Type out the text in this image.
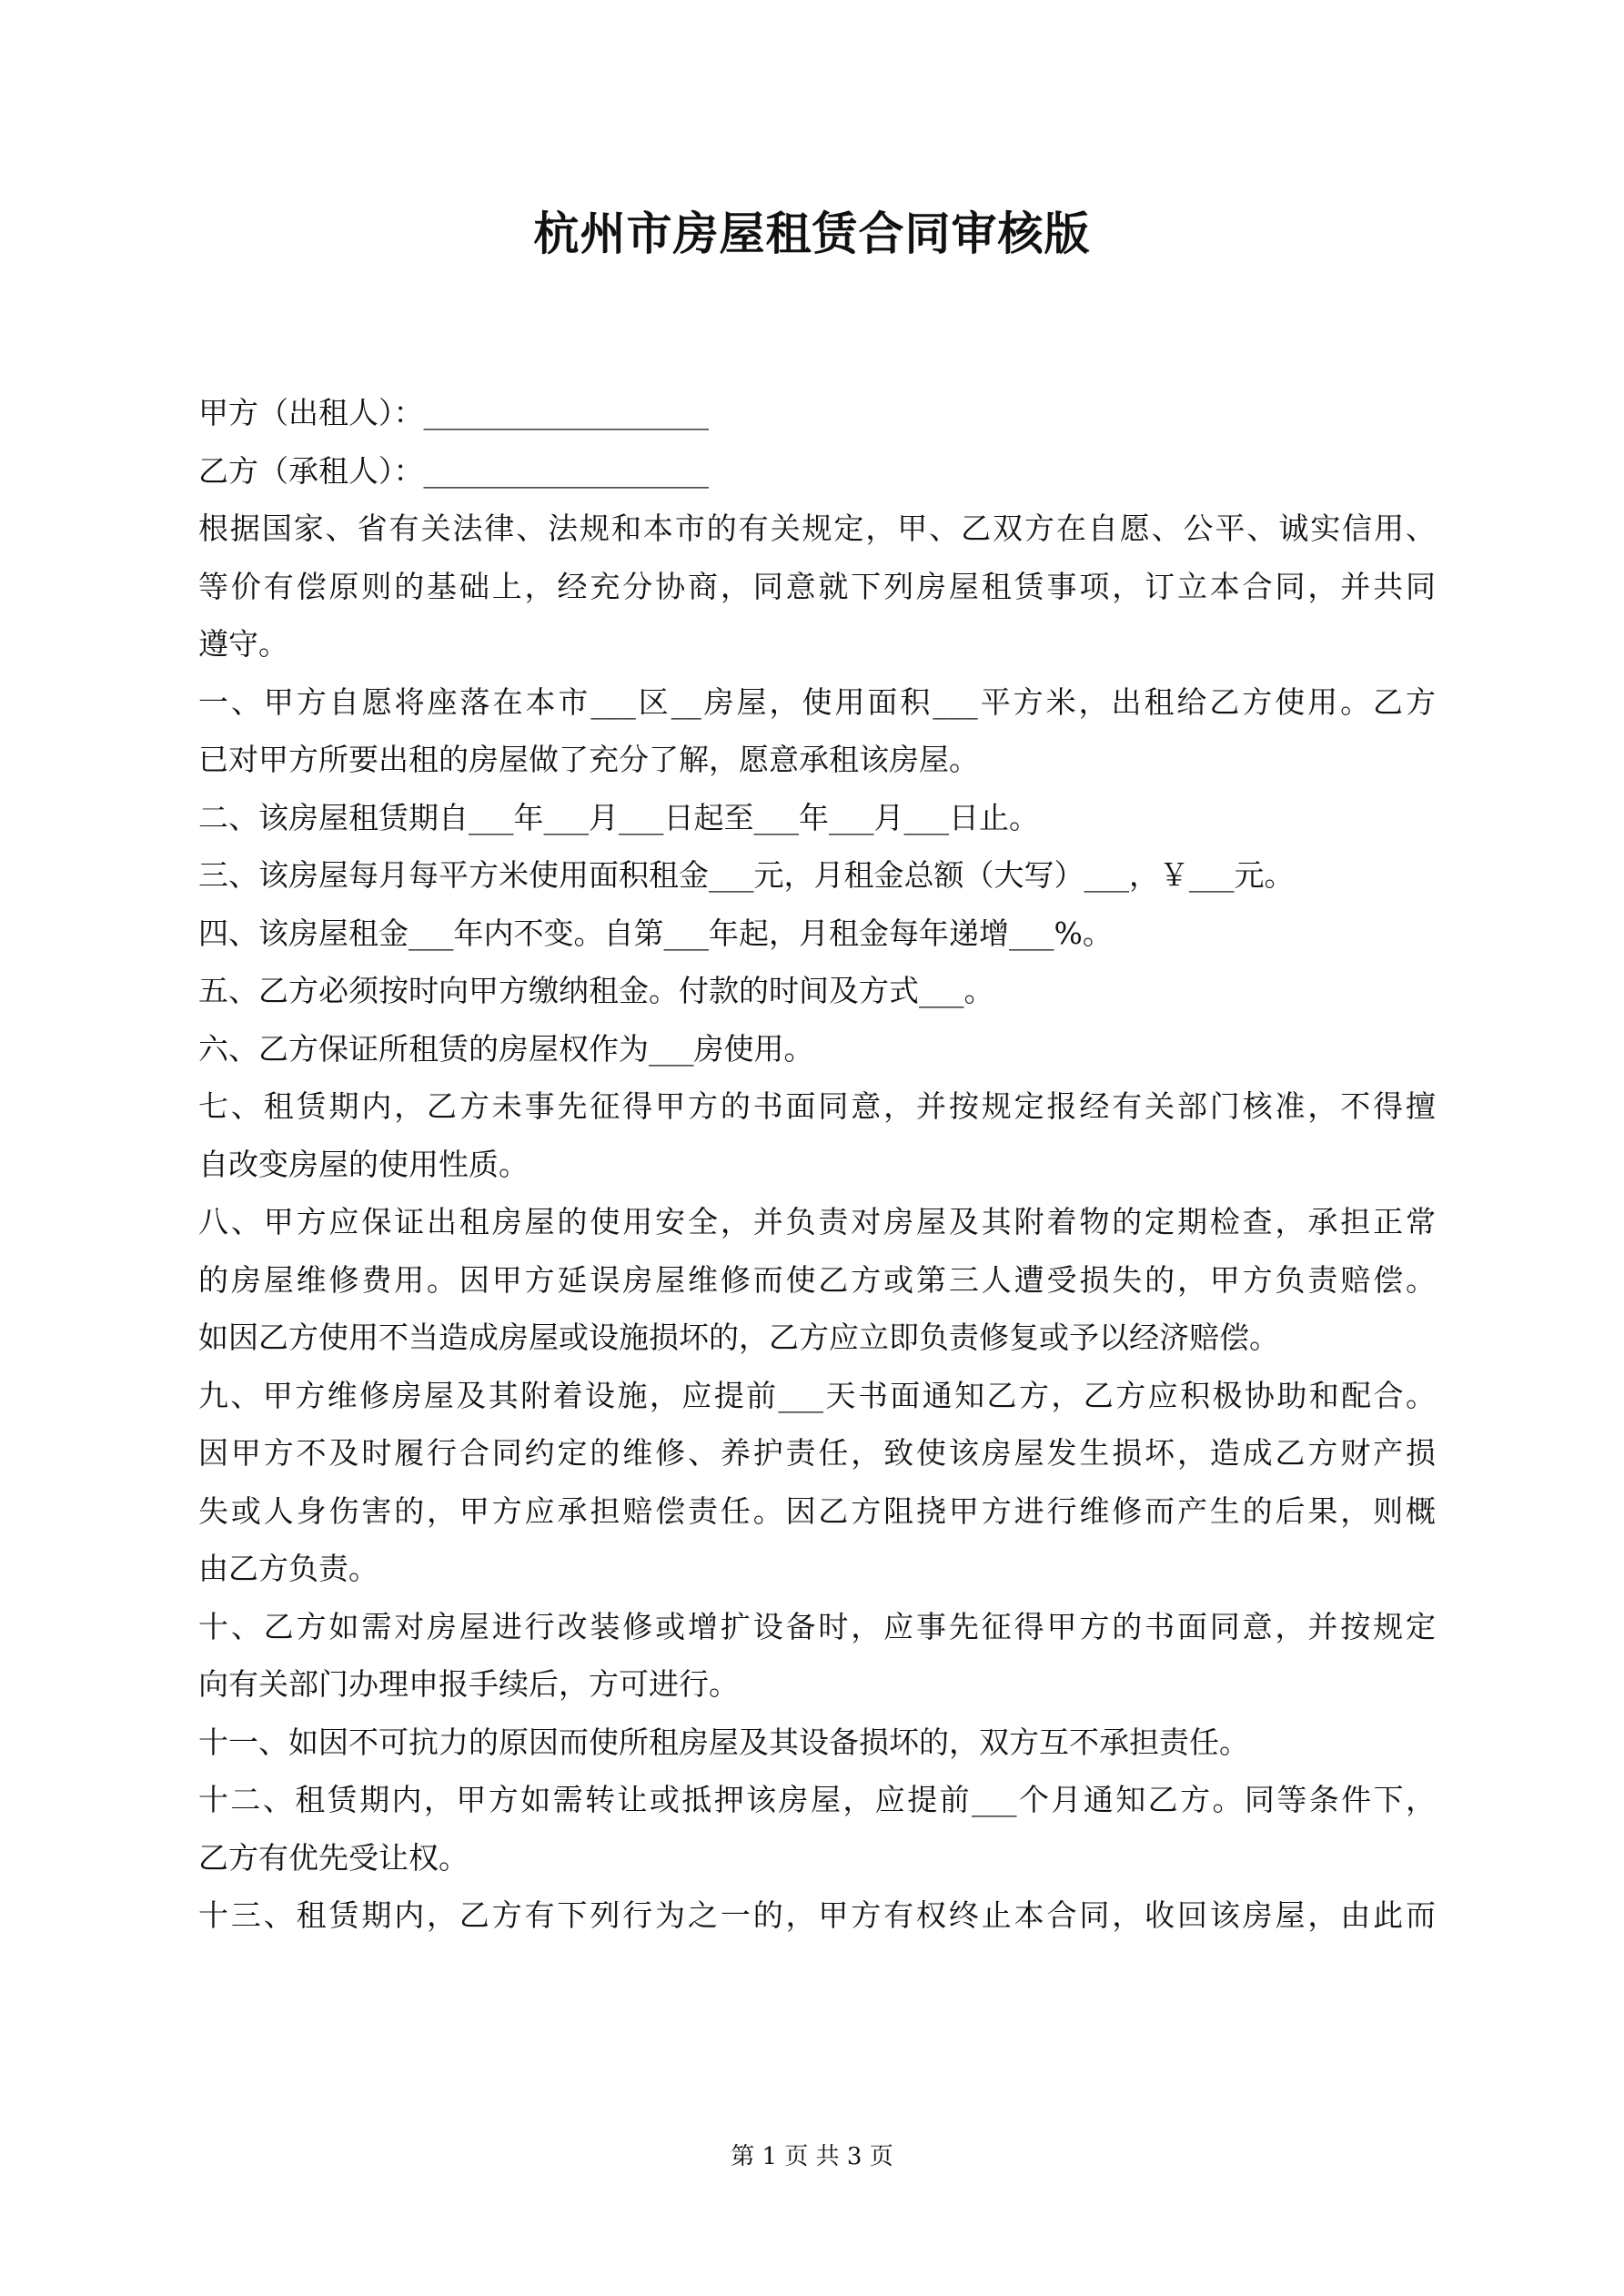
杭州市房屋租赁合同审核版
甲方（出租人）：___________________
乙方（承租人）：___________________
根据国家、省有关法律、法规和本市的有关规定，甲、乙双方在自愿、公平、诚实信用、
等价有偿原则的基础上，经充分协商，同意就下列房屋租赁事项，订立本合同，并共同
遵守。
一、甲方自愿将座落在本市___区__房屋，使用面积___平方米，出租给乙方使用。乙方
已对甲方所要出租的房屋做了充分了解，愿意承租该房屋。
二、该房屋租赁期自___年___月___日起至___年___月___日止。
三、该房屋每月每平方米使用面积租金___元，月租金总额（大写）___，￥___元。
四、该房屋租金___年内不变。自第___年起，月租金每年递增___%。
五、乙方必须按时向甲方缴纳租金。付款的时间及方式___。
六、乙方保证所租赁的房屋权作为___房使用。
七、租赁期内，乙方未事先征得甲方的书面同意，并按规定报经有关部门核准，不得擅
自改变房屋的使用性质。
八、甲方应保证出租房屋的使用安全，并负责对房屋及其附着物的定期检查，承担正常
的房屋维修费用。因甲方延误房屋维修而使乙方或第三人遭受损失的，甲方负责赔偿。
如因乙方使用不当造成房屋或设施损坏的，乙方应立即负责修复或予以经济赔偿。
九、甲方维修房屋及其附着设施，应提前___天书面通知乙方，乙方应积极协助和配合。
因甲方不及时履行合同约定的维修、养护责任，致使该房屋发生损坏，造成乙方财产损
失或人身伤害的，甲方应承担赔偿责任。因乙方阻挠甲方进行维修而产生的后果，则概
由乙方负责。
十、乙方如需对房屋进行改装修或增扩设备时，应事先征得甲方的书面同意，并按规定
向有关部门办理申报手续后，方可进行。
十一、如因不可抗力的原因而使所租房屋及其设备损坏的，双方互不承担责任。
十二、租赁期内，甲方如需转让或抵押该房屋，应提前___个月通知乙方。同等条件下，
乙方有优先受让权。
十三、租赁期内，乙方有下列行为之一的，甲方有权终止本合同，收回该房屋，由此而
第 1 页 共 3 页
